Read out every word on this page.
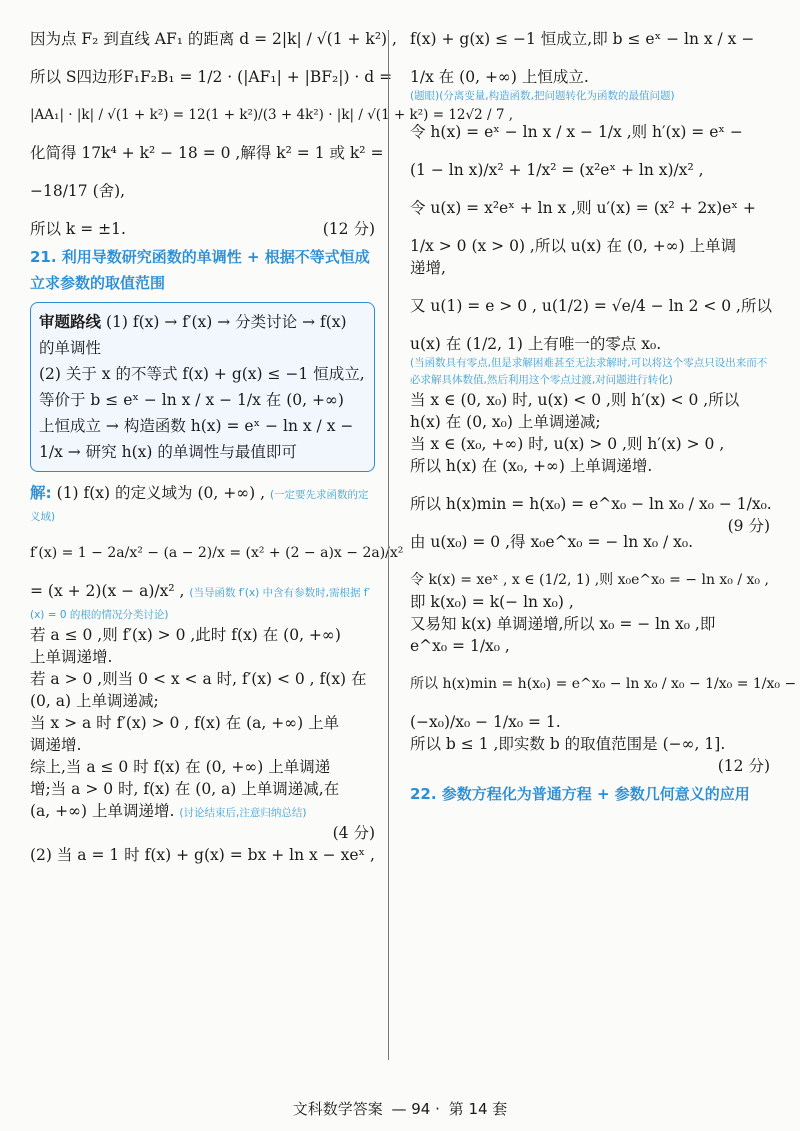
因为点 F₂ 到直线 AF₁ 的距离 d = 2|k| / √(1 + k²) ,

所以 S四边形F₁F₂B₁ = 1/2 · (|AF₁| + |BF₂|) · d =

|AA₁| · |k| / √(1 + k²) = 12(1 + k²)/(3 + 4k²) · |k| / √(1 + k²) = 12√2 / 7 ,

化简得 17k⁴ + k² − 18 = 0 ,解得 k² = 1 或 k² =

−18/17 (舍),

所以 k = ±1.	(12 分)

21. 利用导数研究函数的单调性 + 根据不等式恒成立求参数的取值范围

审题路线 (1) f(x) → f′(x) → 分类讨论 → f(x) 的单调性

(2) 关于 x 的不等式 f(x) + g(x) ≤ −1 恒成立,等价于 b ≤ eˣ − ln x / x − 1/x 在 (0, +∞)

上恒成立 → 构造函数 h(x) = eˣ − ln x / x −

1/x → 研究 h(x) 的单调性与最值即可

解: (1) f(x) 的定义域为 (0, +∞) , (一定要先求函数的定义域)

f′(x) = 1 − 2a/x² − (a − 2)/x = (x² + (2 − a)x − 2a)/x²

= (x + 2)(x − a)/x² , (当导函数 f′(x) 中含有参数时,需根据 f′(x) = 0 的根的情况分类讨论)

若 a ≤ 0 ,则 f′(x) > 0 ,此时 f(x) 在 (0, +∞)

上单调递增.

若 a > 0 ,则当 0 < x < a 时, f′(x) < 0 , f(x) 在

(0, a) 上单调递减;

当 x > a 时 f′(x) > 0 , f(x) 在 (a, +∞) 上单

调递增.

综上,当 a ≤ 0 时 f(x) 在 (0, +∞) 上单调递

增;当 a > 0 时, f(x) 在 (0, a) 上单调递减,在

(a, +∞) 上单调递增. (讨论结束后,注意归纳总结)

(4 分)

(2) 当 a = 1 时 f(x) + g(x) = bx + ln x − xeˣ ,

f(x) + g(x) ≤ −1 恒成立,即 b ≤ eˣ − ln x / x −

1/x 在 (0, +∞) 上恒成立.

(题眼)(分离变量,构造函数,把问题转化为函数的最值问题)

令 h(x) = eˣ − ln x / x − 1/x ,则 h′(x) = eˣ −

(1 − ln x)/x² + 1/x² = (x²eˣ + ln x)/x² ,

令 u(x) = x²eˣ + ln x ,则 u′(x) = (x² + 2x)eˣ +

1/x > 0 (x > 0) ,所以 u(x) 在 (0, +∞) 上单调

递增,

又 u(1) = e > 0 , u(1/2) = √e/4 − ln 2 < 0 ,所以

u(x) 在 (1/2, 1) 上有唯一的零点 x₀.

(当函数具有零点,但是求解困难甚至无法求解时,可以将这个零点只设出来而不必求解具体数值,然后利用这个零点过渡,对问题进行转化)

当 x ∈ (0, x₀) 时, u(x) < 0 ,则 h′(x) < 0 ,所以

h(x) 在 (0, x₀) 上单调递减;

当 x ∈ (x₀, +∞) 时, u(x) > 0 ,则 h′(x) > 0 ,

所以 h(x) 在 (x₀, +∞) 上单调递增.

所以 h(x)min = h(x₀) = e^x₀ − ln x₀ / x₀ − 1/x₀.
(9 分)

由 u(x₀) = 0 ,得 x₀e^x₀ = − ln x₀ / x₀.

令 k(x) = xeˣ , x ∈ (1/2, 1) ,则 x₀e^x₀ = − ln x₀ / x₀ ,

即 k(x₀) = k(− ln x₀) ,

又易知 k(x) 单调递增,所以 x₀ = − ln x₀ ,即

e^x₀ = 1/x₀ ,

所以 h(x)min = h(x₀) = e^x₀ − ln x₀ / x₀ − 1/x₀ = 1/x₀ −

(−x₀)/x₀ − 1/x₀ = 1.

所以 b ≤ 1 ,即实数 b 的取值范围是 (−∞, 1].

(12 分)

22. 参数方程化为普通方程 + 参数几何意义的应用

文科数学答案 — 94 · 第 14 套
